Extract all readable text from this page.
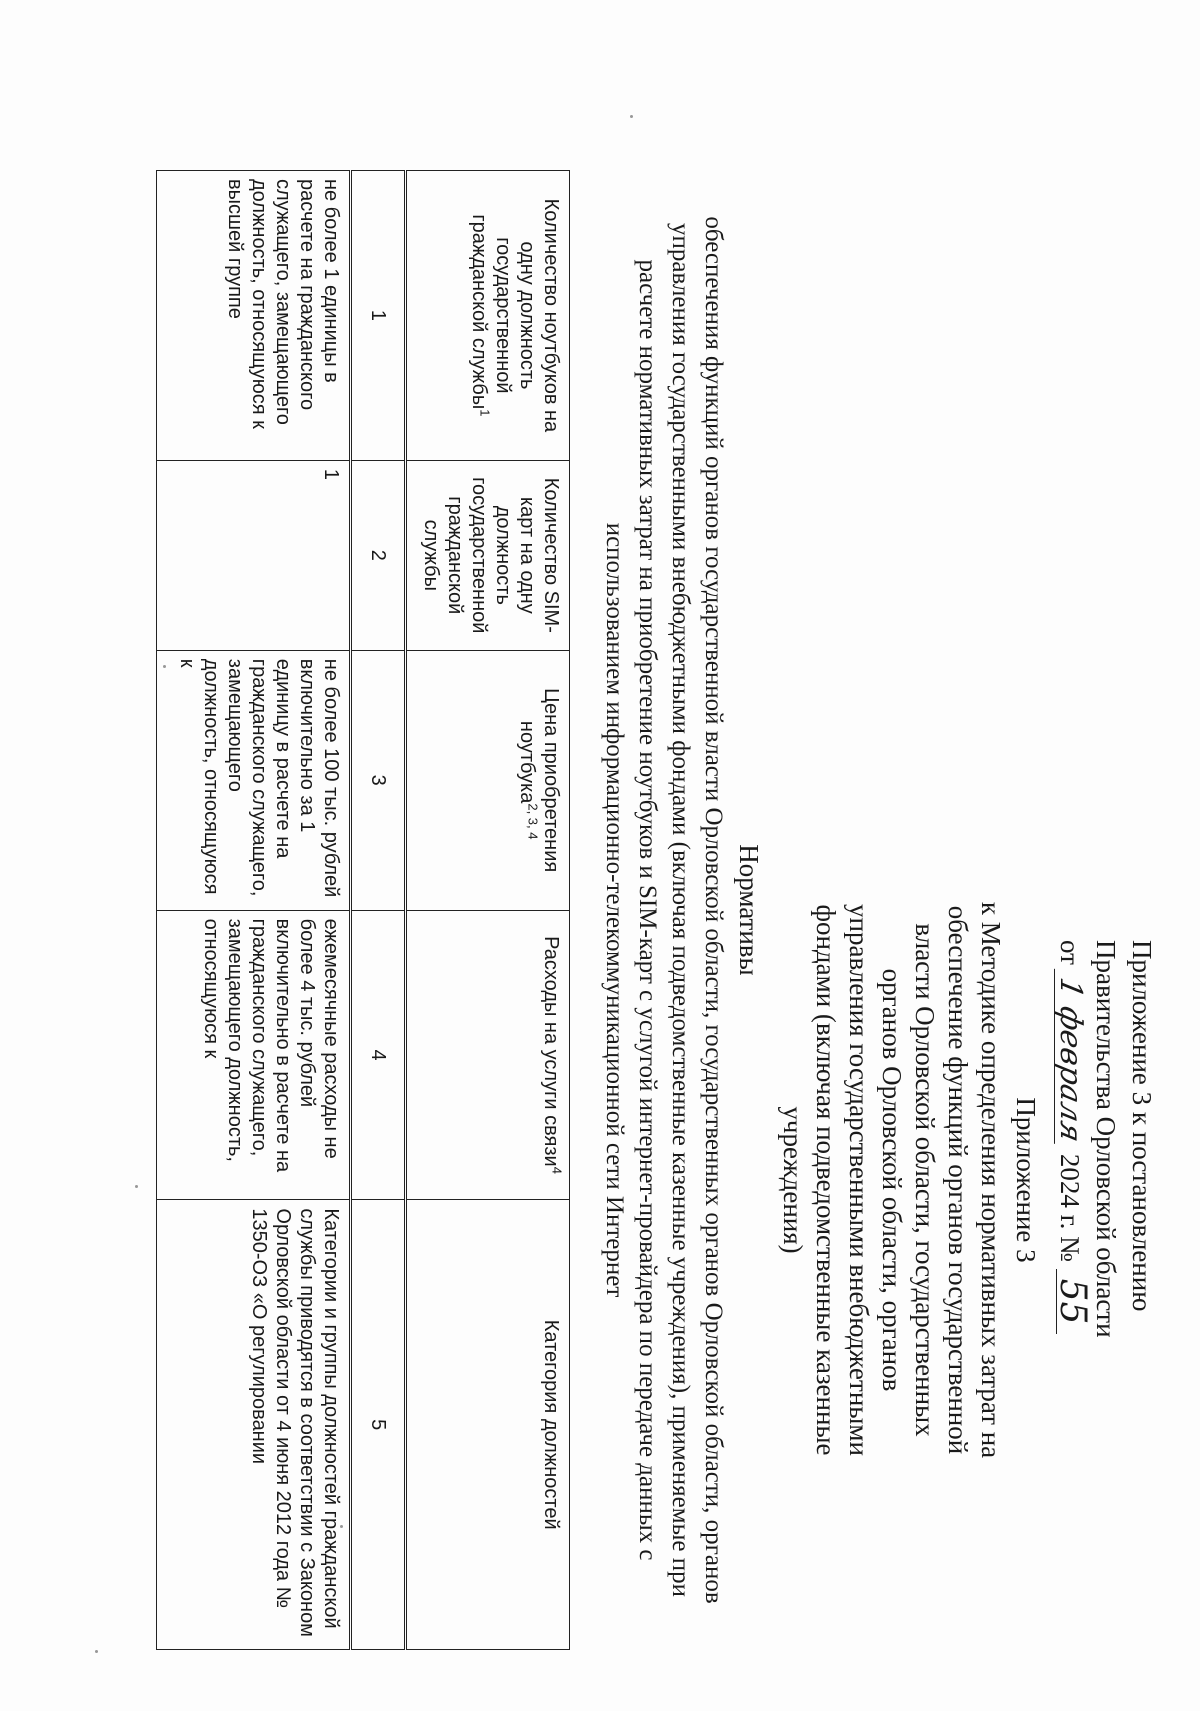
Приложение 3 к постановлению
Правительства Орловской области
от 1 февраля 2024 г. № 55
Приложение 3
к Методике определения нормативных затрат на обеспечение функций органов государственной власти Орловской области, государственных органов Орловской области, органов управления государственными внебюджетными фондами (включая подведомственные казенные учреждения)
Нормативы
обеспечения функций органов государственной власти Орловской области, государственных органов Орловской области, органов управления государственными внебюджетными фондами (включая подведомственные казенные учреждения), применяемые при расчете нормативных затрат на приобретение ноутбуков и SIM-карт с услугой интернет-провайдера по передаче данных с использованием информационно-телекоммуникационной сети Интернет
Количество ноутбуков на одну должность государственной гражданской службы$^1$	Количество SIM-карт на одну должность государственной гражданской службы	Цена приобретения ноутбука$^{2, 3, 4}$	Расходы на услуги связи$^4$	Категория должностей
1	2	3	4	5
не более 1 единицы в расчете на гражданского служащего, замещающего должность, относящуюся к высшей группе	1	не более 100 тыс. рублей включительно за 1 единицу в расчете на гражданского служащего, замещающего должность, относящуюся к	ежемесячные расходы не более 4 тыс. рублей включительно в расчете на гражданского служащего, замещающего должность, относящуюся к	Категории и группы должностей гражданской службы приводятся в соответствии с Законом Орловской области от 4 июня 2012 года № 1350-ОЗ «О регулировании
